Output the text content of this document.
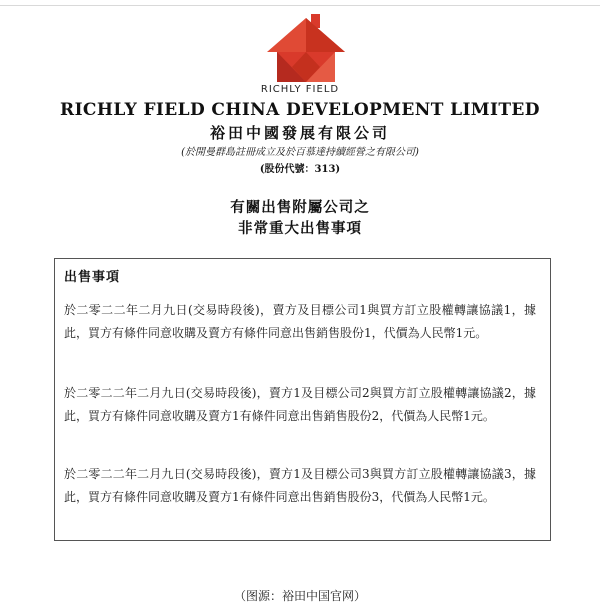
RICHLY FIELD
RICHLY FIELD CHINA DEVELOPMENT LIMITED
裕田中國發展有限公司
(於開曼群島註冊成立及於百慕達持續經營之有限公司)
(股份代號：313)
有關出售附屬公司之
非常重大出售事項
出售事項
於二零二二年二月九日(交易時段後)，賣方及目標公司1與買方訂立股權轉讓協議1，據此，買方有條件同意收購及賣方有條件同意出售銷售股份1，代價為人民幣1元。
於二零二二年二月九日(交易時段後)，賣方1及目標公司2與買方訂立股權轉讓協議2，據此，買方有條件同意收購及賣方1有條件同意出售銷售股份2，代價為人民幣1元。
於二零二二年二月九日(交易時段後)，賣方1及目標公司3與買方訂立股權轉讓協議3，據此，買方有條件同意收購及賣方1有條件同意出售銷售股份3，代價為人民幣1元。
（图源：裕田中国官网）
